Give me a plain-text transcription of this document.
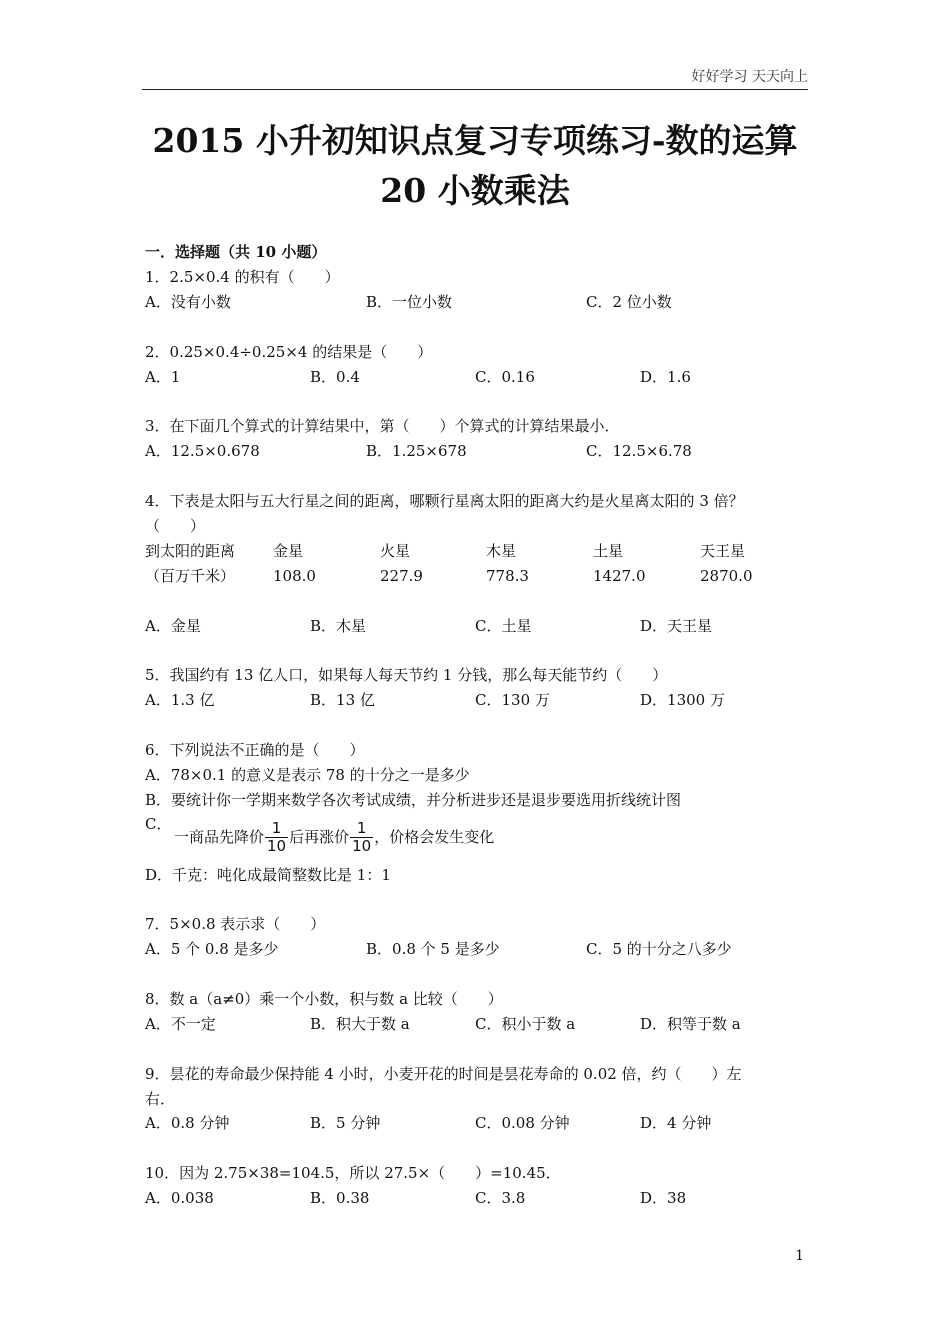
好好学习 天天向上
2015 小升初知识点复习专项练习-数的运算
20 小数乘法
一．选择题（共 10 小题）
1．2.5×0.4 的积有（　　）
A．没有小数	B．一位小数	C．2 位小数
2．0.25×0.4÷0.25×4 的结果是（　　）
A．1	B．0.4	C．0.16	D．1.6
3．在下面几个算式的计算结果中，第（　　）个算式的计算结果最小．
A．12.5×0.678	B．1.25×678	C．12.5×6.78
4．下表是太阳与五大行星之间的距离，哪颗行星离太阳的距离大约是火星离太阳的 3 倍？
（　　）
到太阳的距离	金星	火星	木星	土星	天王星
（百万千米）	108.0	227.9	778.3	1427.0	2870.0
A．金星	B．木星	C．土星	D．天王星
5．我国约有 13 亿人口，如果每人每天节约 1 分钱，那么每天能节约（　　）
A．1.3 亿	B．13 亿	C．130 万	D．1300 万
6．下列说法不正确的是（　　）
A．78×0.1 的意义是表示 78 的十分之一是多少
B．要统计你一学期来数学各次考试成绩，并分析进步还是退步要选用折线统计图
C．
一商品先降价 $\frac{1}{10}$ 后再涨价 $\frac{1}{10}$ ，价格会发生变化
D．千克：吨化成最简整数比是 1：1
7．5×0.8 表示求（　　）
A．5 个 0.8 是多少	B．0.8 个 5 是多少	C．5 的十分之八多少
8．数 a（a≠0）乘一个小数，积与数 a 比较（　　）
A．不一定	B．积大于数 a	C．积小于数 a	D．积等于数 a
9．昙花的寿命最少保持能 4 小时，小麦开花的时间是昙花寿命的 0.02 倍，约（　　）左
右．
A．0.8 分钟	B．5 分钟	C．0.08 分钟	D．4 分钟
10．因为 2.75×38=104.5，所以 27.5×（　　）=10.45．
A．0.038	B．0.38	C．3.8	D．38
1
